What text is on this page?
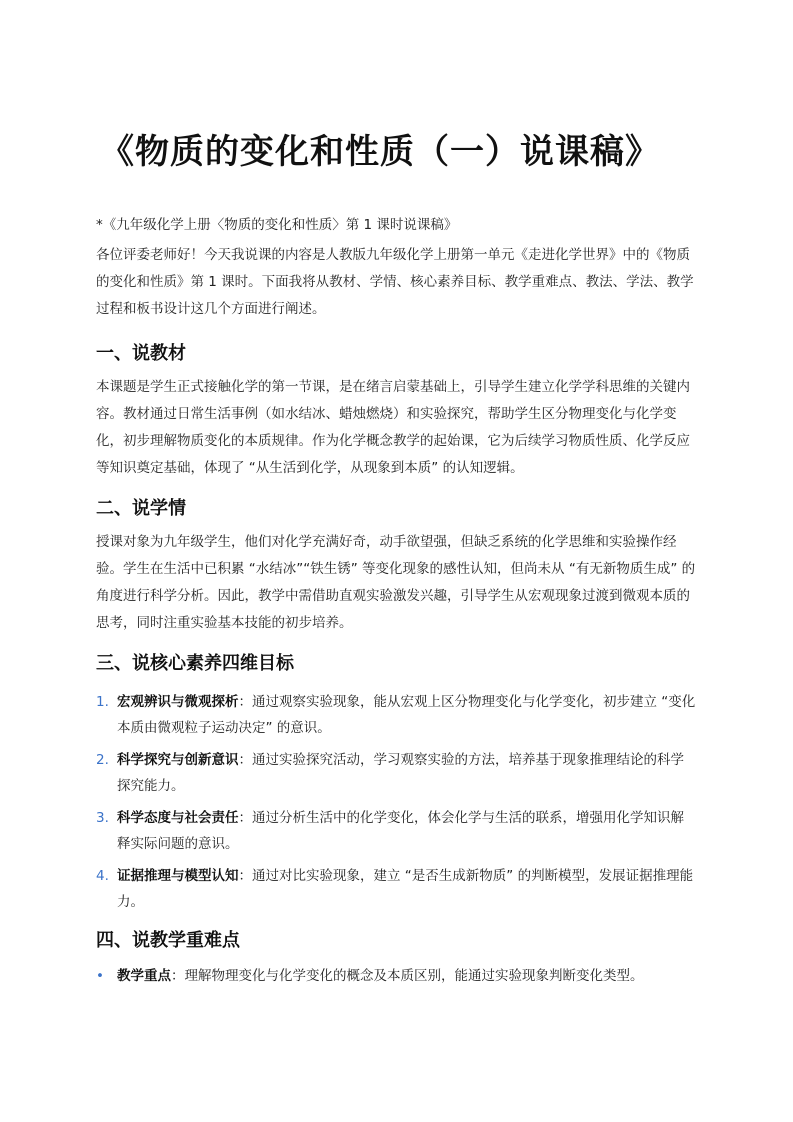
《物质的变化和性质（一）说课稿》
*《九年级化学上册〈物质的变化和性质〉第 1 课时说课稿》

各位评委老师好！今天我说课的内容是人教版九年级化学上册第一单元《走进化学世界》中的《物质的变化和性质》第 1 课时。下面我将从教材、学情、核心素养目标、教学重难点、教法、学法、教学过程和板书设计这几个方面进行阐述。

一、说教材

本课题是学生正式接触化学的第一节课，是在绪言启蒙基础上，引导学生建立化学学科思维的关键内容。教材通过日常生活事例（如水结冰、蜡烛燃烧）和实验探究，帮助学生区分物理变化与化学变化，初步理解物质变化的本质规律。作为化学概念教学的起始课，它为后续学习物质性质、化学反应等知识奠定基础，体现了 “从生活到化学，从现象到本质” 的认知逻辑。

二、说学情

授课对象为九年级学生，他们对化学充满好奇，动手欲望强，但缺乏系统的化学思维和实验操作经验。学生在生活中已积累 “水结冰”“铁生锈” 等变化现象的感性认知，但尚未从 “有无新物质生成” 的角度进行科学分析。因此，教学中需借助直观实验激发兴趣，引导学生从宏观现象过渡到微观本质的思考，同时注重实验基本技能的初步培养。

三、说核心素养四维目标
1. 宏观辨识与微观探析：通过观察实验现象，能从宏观上区分物理变化与化学变化，初步建立 “变化本质由微观粒子运动决定” 的意识。
2. 科学探究与创新意识：通过实验探究活动，学习观察实验的方法，培养基于现象推理结论的科学探究能力。
3. 科学态度与社会责任：通过分析生活中的化学变化，体会化学与生活的联系，增强用化学知识解释实际问题的意识。
4. 证据推理与模型认知：通过对比实验现象，建立 “是否生成新物质” 的判断模型，发展证据推理能力。
四、说教学重难点
• 教学重点：理解物理变化与化学变化的概念及本质区别，能通过实验现象判断变化类型。
